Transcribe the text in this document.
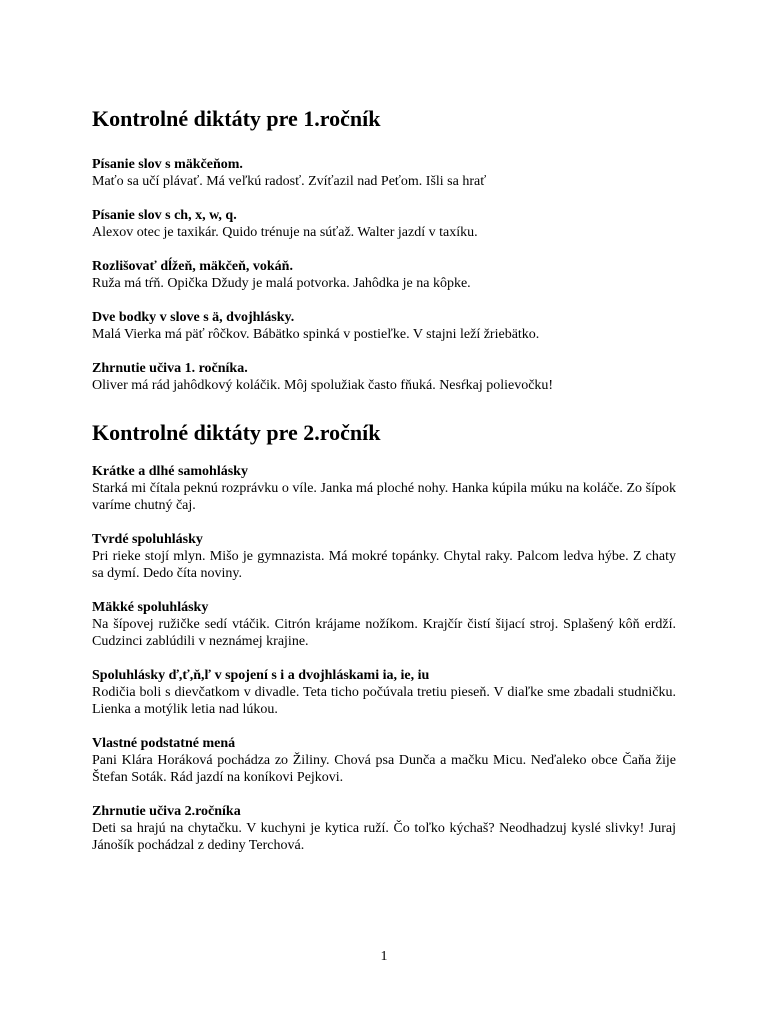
Kontrolné diktáty pre 1.ročník
Písanie slov s mäkčeňom.
Maťo sa učí plávať. Má veľkú radosť. Zvíťazil nad Peťom. Išli sa hrať
Písanie slov s ch, x, w, q.
Alexov otec je taxikár. Quido trénuje na súťaž. Walter jazdí v taxíku.
Rozlišovať dĺžeň, mäkčeň, vokáň.
Ruža má tŕň. Opička Džudy je malá potvorka. Jahôdka je na kôpke.
Dve bodky v slove s ä, dvojhlásky.
Malá Vierka má päť rôčkov. Bábätko spinká v postieľke. V stajni leží žriebätko.
Zhrnutie učiva 1. ročníka.
Oliver má rád jahôdkový koláčik. Môj spolužiak často fňuká. Nesŕkaj polievočku!
Kontrolné diktáty pre 2.ročník
Krátke a dlhé samohlásky
Starká mi čítala peknú rozprávku o víle. Janka má ploché nohy. Hanka kúpila múku na koláče. Zo šípok varíme chutný čaj.
Tvrdé spoluhlásky
Pri rieke stojí mlyn. Mišo je gymnazista. Má mokré topánky. Chytal raky. Palcom ledva hýbe. Z chaty sa dymí. Dedo číta noviny.
Mäkké spoluhlásky
Na šípovej ružičke sedí vtáčik. Citrón krájame nožíkom. Krajčír čistí šijací stroj. Splašený kôň erdží. Cudzinci zablúdili v neznámej krajine.
Spoluhlásky ď,ť,ň,ľ v spojení s i a dvojhláskami ia, ie, iu
Rodičia boli s dievčatkom v divadle. Teta ticho počúvala tretiu pieseň. V diaľke sme zbadali studničku. Lienka a motýlik letia nad lúkou.
Vlastné podstatné mená
Pani Klára Horáková pochádza zo Žiliny. Chová psa Dunča a mačku Micu. Neďaleko obce Čaňa žije Štefan Soták. Rád jazdí na koníkovi Pejkovi.
Zhrnutie učiva 2.ročníka
Deti sa hrajú na chytačku. V kuchyni je kytica ruží. Čo toľko kýchaš? Neodhadzuj kyslé slivky! Juraj Jánošík pochádzal z dediny Terchová.
1
